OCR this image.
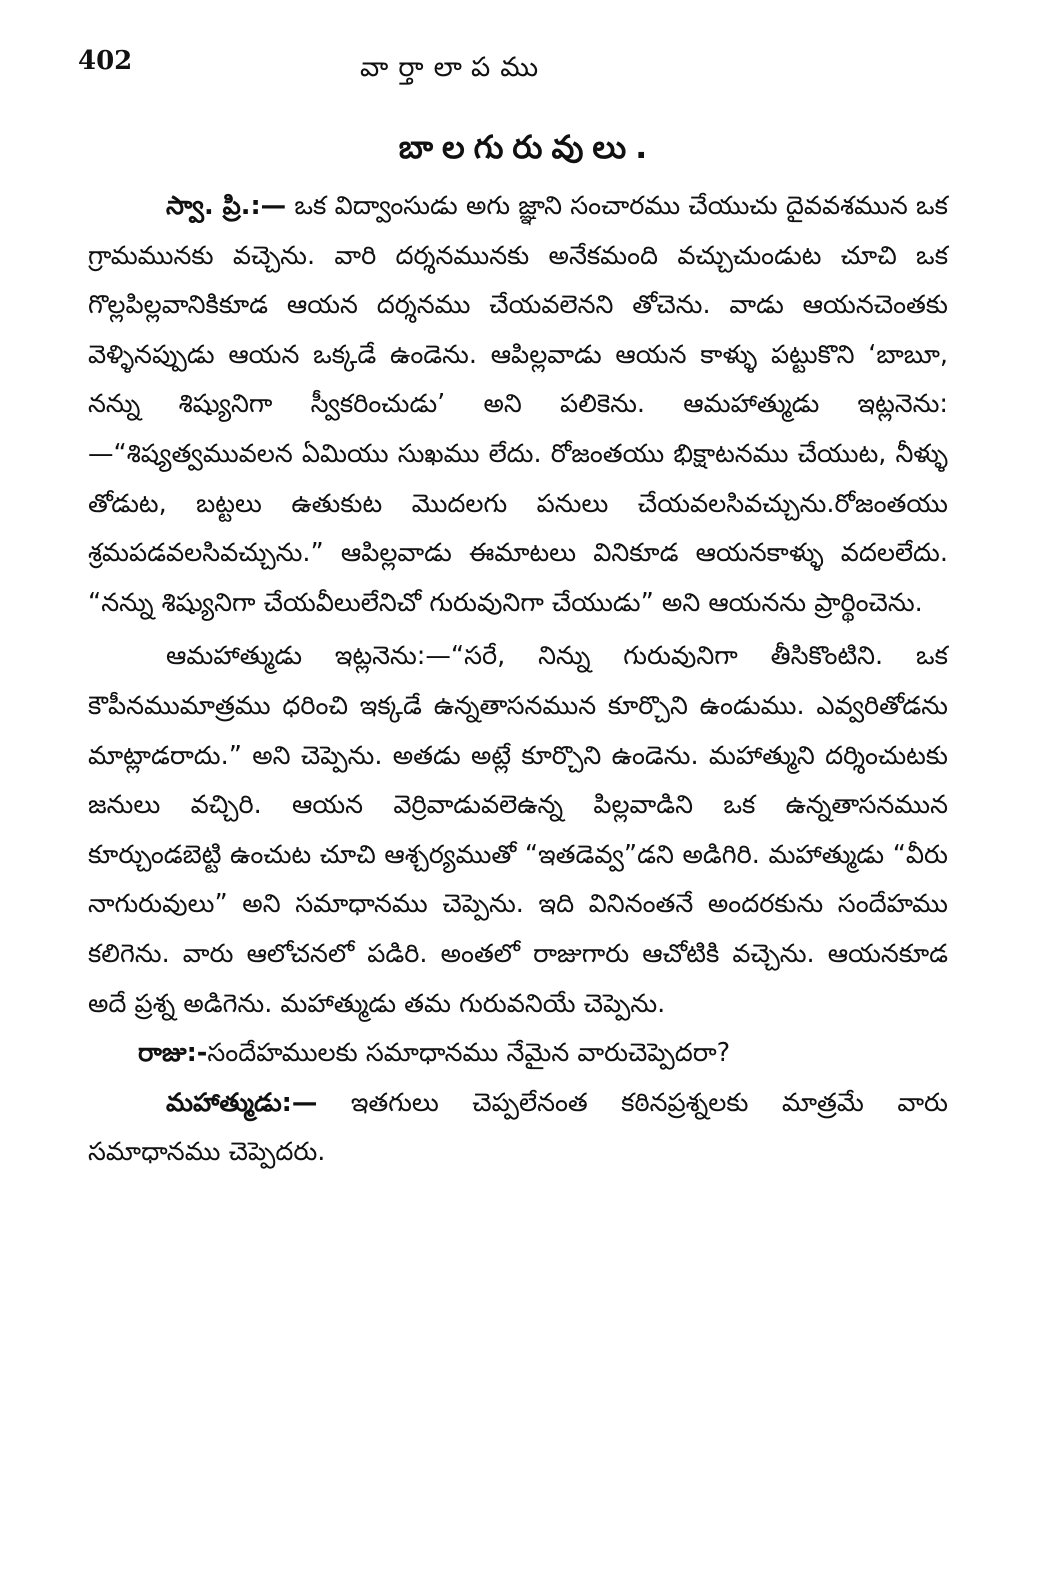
402	వార్తాలాపము
బాలగురువులు.

స్వా. ప్రి.:— ఒక విద్వాంసుడు అగు జ్ఞాని సంచారము చేయుచు దైవవశమున ఒక గ్రామమునకు వచ్చెను. వారి దర్శనమునకు అనేకమంది వచ్చుచుండుట చూచి ఒక గొల్లపిల్లవానికికూడ ఆయన దర్శనము చేయవలెనని తోచెను. వాడు ఆయనచెంతకు వెళ్ళినప్పుడు ఆయన ఒక్కడే ఉండెను. ఆపిల్లవాడు ఆయన కాళ్ళు పట్టుకొని ‘బాబూ, నన్ను శిష్యునిగా స్వీకరించుడు’ అని పలికెను. ఆమహాత్ముడు ఇట్లనెను:—“శిష్యత్వమువలన ఏమియు సుఖము లేదు. రోజంతయు భిక్షాటనము చేయుట, నీళ్ళు తోడుట, బట్టలు ఉతుకుట మొదలగు పనులు చేయవలసివచ్చును.రోజంతయు శ్రమపడవలసివచ్చును.” ఆపిల్లవాడు ఈమాటలు వినికూడ ఆయనకాళ్ళు వదలలేదు. “నన్ను శిష్యునిగా చేయవీలులేనిచో గురువునిగా చేయుడు” అని ఆయనను ప్రార్థించెను.

ఆమహాత్ముడు ఇట్లనెను:—“సరే, నిన్ను గురువునిగా తీసికొంటిని. ఒక కౌపీనముమాత్రము ధరించి ఇక్కడే ఉన్నతాసనమున కూర్చొని ఉండుము. ఎవ్వరితోడను మాట్లాడరాదు.” అని చెప్పెను. అతడు అట్లే కూర్చొని ఉండెను. మహాత్ముని దర్శించుటకు జనులు వచ్చిరి. ఆయన వెర్రివాడువలెఉన్న పిల్లవాడిని ఒక ఉన్నతాసనమున కూర్చుండబెట్టి ఉంచుట చూచి ఆశ్చర్యముతో “ఇతడెవ్వ”డని అడిగిరి. మహాత్ముడు “వీరు నాగురువులు” అని సమాధానము చెప్పెను. ఇది వినినంతనే అందరకును సందేహము కలిగెను. వారు ఆలోచనలో పడిరి. అంతలో రాజుగారు ఆచోటికి వచ్చెను. ఆయనకూడ అదే ప్రశ్న అడిగెను. మహాత్ముడు తమ గురువనియే చెప్పెను.

రాజు:-సందేహములకు సమాధానము నేమైన వారుచెప్పెదరా?

మహాత్ముడు:— ఇతగులు చెప్పలేనంత కఠినప్రశ్నలకు మాత్రమే వారు సమాధానము చెప్పెదరు.
